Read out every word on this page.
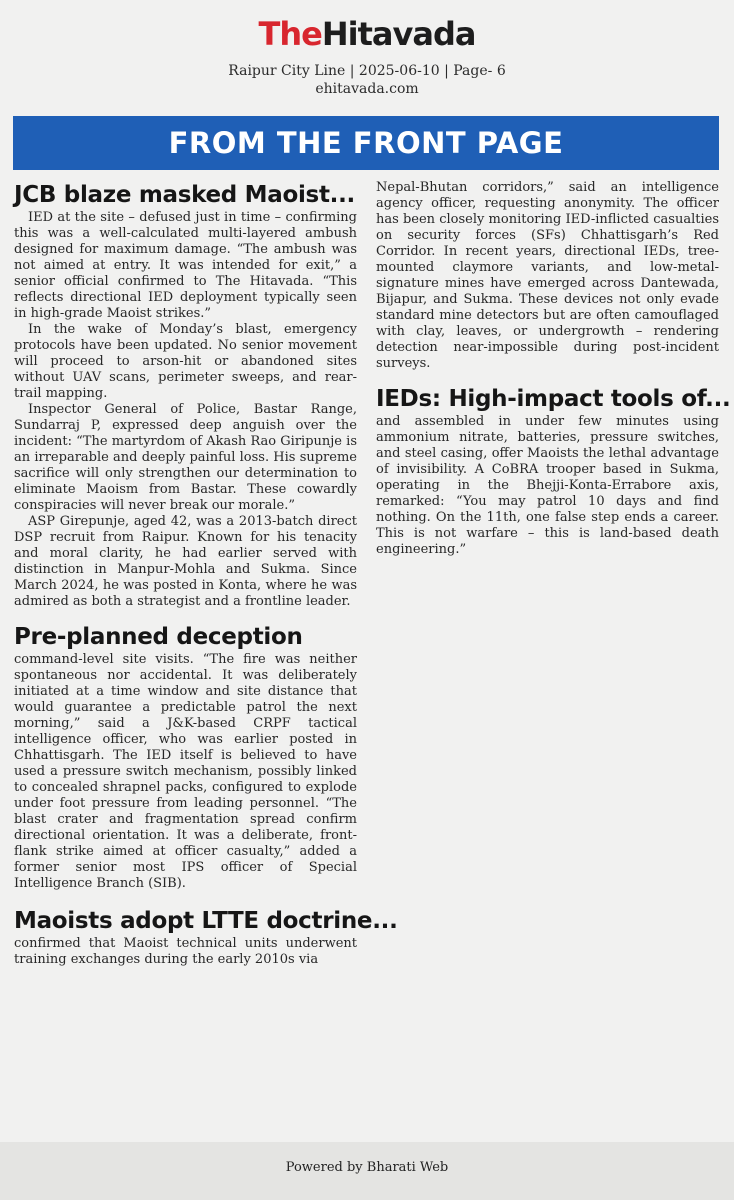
TheHitavada
Raipur City Line | 2025-06-10 | Page- 6
ehitavada.com
FROM THE FRONT PAGE
JCB blaze masked Maoist...

IED at the site – defused just in time – confirming this was a well-calculated multi-layered ambush designed for maximum damage. “The ambush was not aimed at entry. It was intended for exit,” a senior official confirmed to The Hitavada. “This reflects directional IED deployment typically seen in high-grade Maoist strikes.”

In the wake of Monday’s blast, emergency protocols have been updated. No senior movement will proceed to arson-hit or abandoned sites without UAV scans, perimeter sweeps, and rear-trail mapping.

Inspector General of Police, Bastar Range, Sundarraj P, expressed deep anguish over the incident: “The martyrdom of Akash Rao Giripunje is an irreparable and deeply painful loss. His supreme sacrifice will only strengthen our determination to eliminate Maoism from Bastar. These cowardly conspiracies will never break our morale.”

ASP Girepunje, aged 42, was a 2013-batch direct DSP recruit from Raipur. Known for his tenacity and moral clarity, he had earlier served with distinction in Manpur-Mohla and Sukma. Since March 2024, he was posted in Konta, where he was admired as both a strategist and a frontline leader.

Pre-planned deception

command-level site visits. “The fire was neither spontaneous nor accidental. It was deliberately initiated at a time window and site distance that would guarantee a predictable patrol the next morning,” said a J&K-based CRPF tactical intelligence officer, who was earlier posted in Chhattisgarh. The IED itself is believed to have used a pressure switch mechanism, possibly linked to concealed shrapnel packs, configured to explode under foot pressure from leading personnel. “The blast crater and fragmentation spread confirm directional orientation. It was a deliberate, front-flank strike aimed at officer casualty,” added a former senior most IPS officer of Special Intelligence Branch (SIB).

Maoists adopt LTTE doctrine...

confirmed that Maoist technical units underwent training exchanges during the early 2010s via

Nepal-Bhutan corridors,” said an intelligence agency officer, requesting anonymity. The officer has been closely monitoring IED-inflicted casualties on security forces (SFs) Chhattisgarh’s Red Corridor. In recent years, directional IEDs, tree-mounted claymore variants, and low-metal-signature mines have emerged across Dantewada, Bijapur, and Sukma. These devices not only evade standard mine detectors but are often camouflaged with clay, leaves, or undergrowth – rendering detection near-impossible during post-incident surveys.

IEDs: High-impact tools of...

and assembled in under few minutes using ammonium nitrate, batteries, pressure switches, and steel casing, offer Maoists the lethal advantage of invisibility. A CoBRA trooper based in Sukma, operating in the Bhejji-Konta-Errabore axis, remarked: “You may patrol 10 days and find nothing. On the 11th, one false step ends a career. This is not warfare – this is land-based death engineering.”

Powered by Bharati Web
